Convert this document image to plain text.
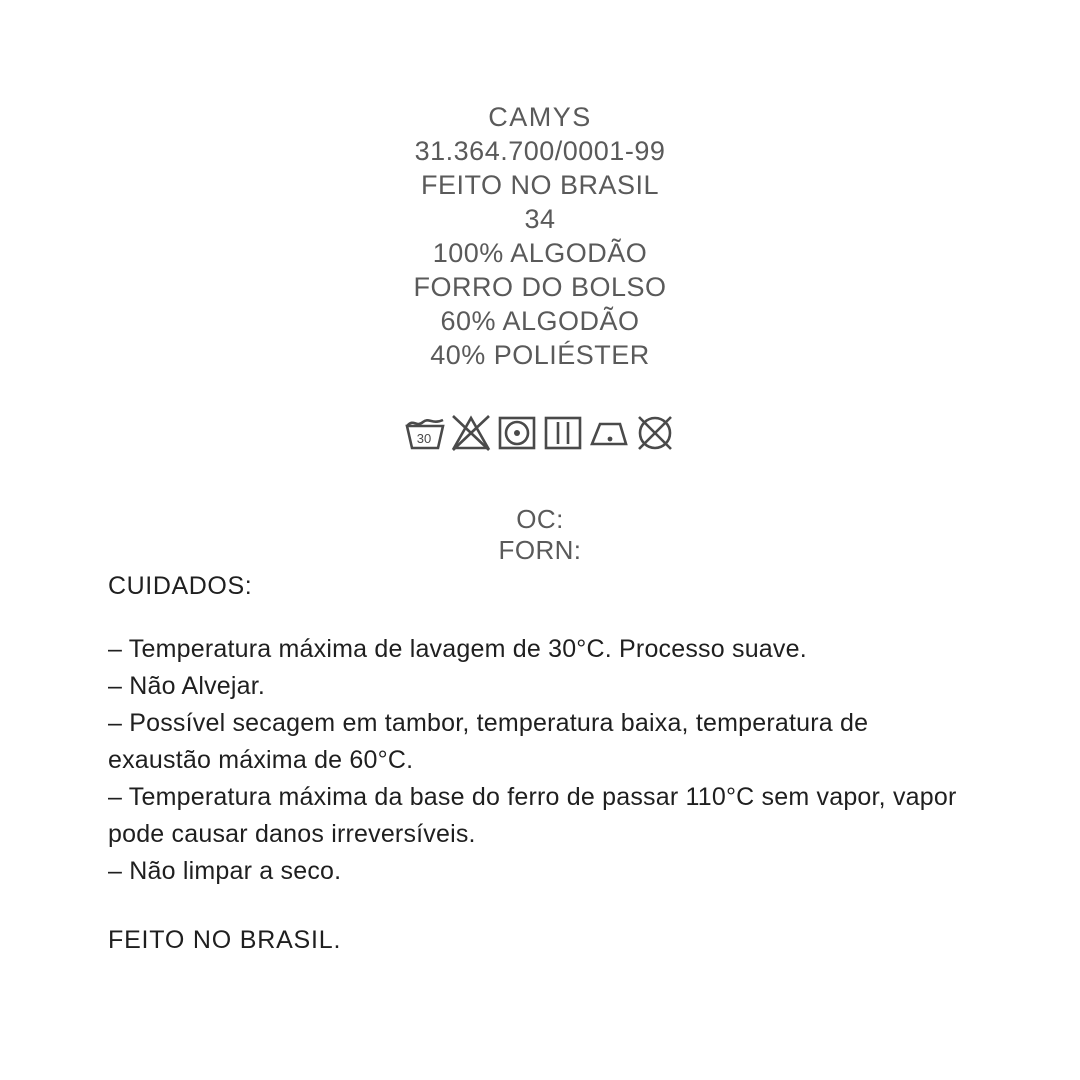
CAMYS
31.364.700/0001-99
FEITO NO BRASIL
34
100% ALGODÃO
FORRO DO BOLSO
60% ALGODÃO
40% POLIÉSTER
30
OC:
FORN:
CUIDADOS:
– Temperatura máxima de lavagem de 30°C. Processo suave.
– Não Alvejar.
– Possível secagem em tambor, temperatura baixa, temperatura de exaustão máxima de 60°C.
– Temperatura máxima da base do ferro de passar 110°C sem vapor, vapor pode causar danos irreversíveis.
– Não limpar a seco.
FEITO NO BRASIL.
